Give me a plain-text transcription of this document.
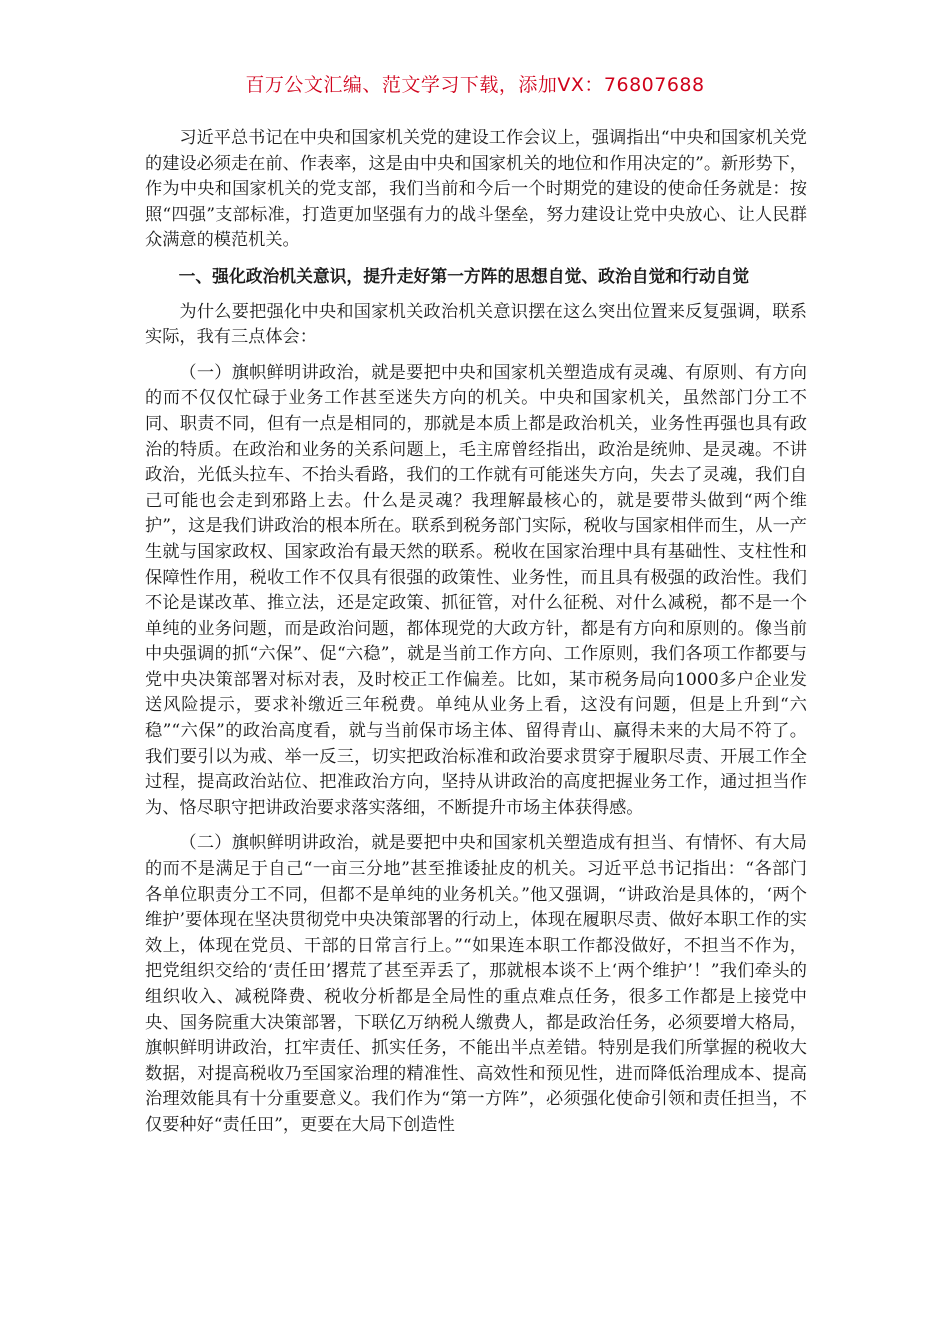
百万公文汇编、范文学习下载，添加VX：76807688

习近平总书记在中央和国家机关党的建设工作会议上，强调指出“中央和国家机关党的建设必须走在前、作表率，这是由中央和国家机关的地位和作用决定的”。新形势下，作为中央和国家机关的党支部，我们当前和今后一个时期党的建设的使命任务就是：按照“四强”支部标准，打造更加坚强有力的战斗堡垒，努力建设让党中央放心、让人民群众满意的模范机关。

一、强化政治机关意识，提升走好第一方阵的思想自觉、政治自觉和行动自觉

为什么要把强化中央和国家机关政治机关意识摆在这么突出位置来反复强调，联系实际，我有三点体会：

（一）旗帜鲜明讲政治，就是要把中央和国家机关塑造成有灵魂、有原则、有方向的而不仅仅忙碌于业务工作甚至迷失方向的机关。中央和国家机关，虽然部门分工不同、职责不同，但有一点是相同的，那就是本质上都是政治机关，业务性再强也具有政治的特质。在政治和业务的关系问题上，毛主席曾经指出，政治是统帅、是灵魂。不讲政治，光低头拉车、不抬头看路，我们的工作就有可能迷失方向，失去了灵魂，我们自己可能也会走到邪路上去。什么是灵魂？我理解最核心的，就是要带头做到“两个维护”，这是我们讲政治的根本所在。联系到税务部门实际，税收与国家相伴而生，从一产生就与国家政权、国家政治有最天然的联系。税收在国家治理中具有基础性、支柱性和保障性作用，税收工作不仅具有很强的政策性、业务性，而且具有极强的政治性。我们不论是谋改革、推立法，还是定政策、抓征管，对什么征税、对什么减税，都不是一个单纯的业务问题，而是政治问题，都体现党的大政方针，都是有方向和原则的。像当前中央强调的抓“六保”、促“六稳”，就是当前工作方向、工作原则，我们各项工作都要与党中央决策部署对标对表，及时校正工作偏差。比如，某市税务局向1000多户企业发送风险提示，要求补缴近三年税费。单纯从业务上看，这没有问题，但是上升到“六稳”“六保”的政治高度看，就与当前保市场主体、留得青山、赢得未来的大局不符了。我们要引以为戒、举一反三，切实把政治标准和政治要求贯穿于履职尽责、开展工作全过程，提高政治站位、把准政治方向，坚持从讲政治的高度把握业务工作，通过担当作为、恪尽职守把讲政治要求落实落细，不断提升市场主体获得感。

（二）旗帜鲜明讲政治，就是要把中央和国家机关塑造成有担当、有情怀、有大局的而不是满足于自己“一亩三分地”甚至推诿扯皮的机关。习近平总书记指出：“各部门各单位职责分工不同，但都不是单纯的业务机关。”他又强调，“讲政治是具体的，‘两个维护’要体现在坚决贯彻党中央决策部署的行动上，体现在履职尽责、做好本职工作的实效上，体现在党员、干部的日常言行上。”“如果连本职工作都没做好，不担当不作为，把党组织交给的‘责任田’撂荒了甚至弄丢了，那就根本谈不上‘两个维护’！”我们牵头的组织收入、减税降费、税收分析都是全局性的重点难点任务，很多工作都是上接党中央、国务院重大决策部署，下联亿万纳税人缴费人，都是政治任务，必须要增大格局，旗帜鲜明讲政治，扛牢责任、抓实任务，不能出半点差错。特别是我们所掌握的税收大数据，对提高税收乃至国家治理的精准性、高效性和预见性，进而降低治理成本、提高治理效能具有十分重要意义。我们作为“第一方阵”，必须强化使命引领和责任担当，不仅要种好“责任田”，更要在大局下创造性
